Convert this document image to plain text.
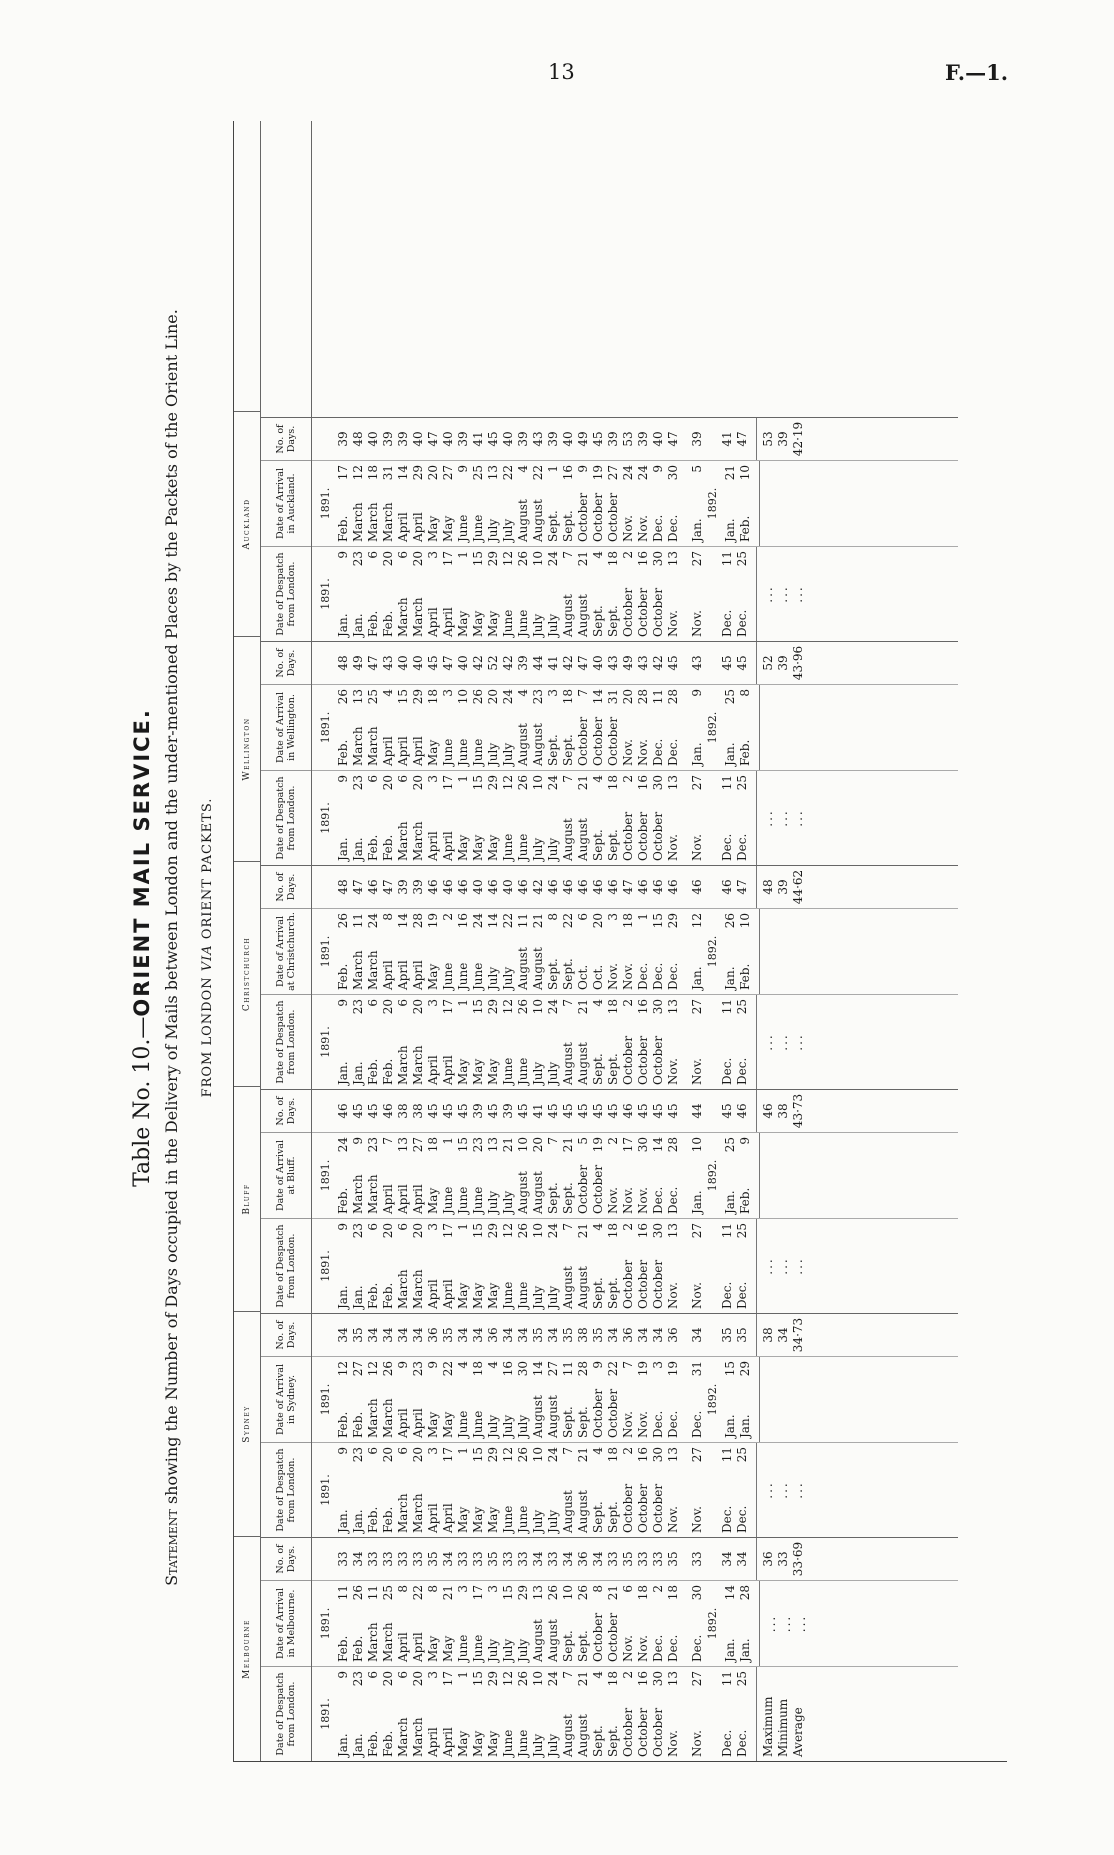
13	F.—1.
Table No. 10.—ORIENT MAIL SERVICE.
Statement showing the Number of Days occupied in the Delivery of Mails between London and the under-mentioned Places by the Packets of the Orient Line.	FROM LONDON VIA ORIENT PACKETS.
Melbourne
Sydney
Bluff
Christchurch
Wellington
Auckland
Date of Despatch from London.
Date of Arrival in Melbourne.
No. of Days.
Date of Despatch from London.
Date of Arrival in Sydney.
No. of Days.
Date of Despatch from London.
Date of Arrival at Bluff.
No. of Days.
Date of Despatch from London.
Date of Arrival at Christchurch.
No. of Days.
Date of Despatch from London.
Date of Arrival in Wellington.
No. of Days.
Date of Despatch from London.
Date of Arrival in Auckland.
No. of Days.
1891.
Jan.
9
Jan.
23
Feb.
6
Feb.
20
March
6
March
20
April
3
April
17
May
1
May
15
May
29
June
12
June
26
July
10
July
24
August
7
August
21
Sept.
4
Sept.
18
October
2
October
16
October
30
Nov.
13
Nov.
27
Dec.
11
Dec.
25
Maximum Minimum Average
1891.
Feb.
11
Feb.
26
March
11
March
25
April
8
April
22
May
8
May
21
June
3
June
17
July
3
July
15
July
29
August
13
August
26
Sept.
10
Sept.
26
October
8
October
21
Nov.
6
Nov.
18
Dec.
2
Dec.
18
Dec.
30
1892.
Jan.
14
Jan.
28
... ... ...
33 34 33 33 33 33 35 34 33 33 35 33 33 34 33 34 36 34 33 35 33 33 35 33 34 34 36 33 33·69
1891.
Jan.
9
Jan.
23
Feb.
6
Feb.
20
March
6
March
20
April
3
April
17
May
1
May
15
May
29
June
12
June
26
July
10
July
24
August
7
August
21
Sept.
4
Sept.
18
October
2
October
16
October
30
Nov.
13
Nov.
27
Dec.
11
Dec.
25
... ... ...
1891.
Feb.
12
Feb.
27
March
12
March
26
April
9
April
23
May
9
May
22
June
4
June
18
July
4
July
16
July
30
August
14
August
27
Sept.
11
Sept.
28
October
9
October
22
Nov.
7
Nov.
19
Dec.
3
Dec.
19
Dec.
31
1892.
Jan.
15
Jan.
29
34 35 34 34 34 34 36 35 34 34 36 34 34 35 34 35 38 35 34 36 34 34 36 34 35 35 38 34 34·73
1891.
Jan.
9
Jan.
23
Feb.
6
Feb.
20
March
6
March
20
April
3
April
17
May
1
May
15
May
29
June
12
June
26
July
10
July
24
August
7
August
21
Sept.
4
Sept.
18
October
2
October
16
October
30
Nov.
13
Nov.
27
Dec.
11
Dec.
25
... ... ...
1891.
Feb.
24
March
9
March
23
April
7
April
13
April
27
May
18
June
1
June
15
June
23
July
13
July
21
August
10
August
20
Sept.
7
Sept.
21
October
5
October
19
Nov.
2
Nov.
17
Nov.
30
Dec.
14
Dec.
28
Jan.
10
1892.
Jan.
25
Feb.
9
46 45 45 46 38 38 45 45 45 39 45 39 45 41 45 45 45 45 45 46 45 45 45 44 45 46 46 38 43·73
1891.
Jan.
9
Jan.
23
Feb.
6
Feb.
20
March
6
March
20
April
3
April
17
May
1
May
15
May
29
June
12
June
26
July
10
July
24
August
7
August
21
Sept.
4
Sept.
18
October
2
October
16
October
30
Nov.
13
Nov.
27
Dec.
11
Dec.
25
... ... ...
1891.
Feb.
26
March
11
March
24
April
8
April
14
April
28
May
19
June
2
June
16
June
24
July
14
July
22
August
11
August
21
Sept.
8
Sept.
22
Oct.
6
Oct.
20
Nov.
3
Nov.
18
Dec.
1
Dec.
15
Dec.
29
Jan.
12
1892.
Jan.
26
Feb.
10
48 47 46 47 39 39 46 46 46 40 46 40 46 42 46 46 46 46 46 47 46 46 46 46 46 47 48 39 44·62
1891.
Jan.
9
Jan.
23
Feb.
6
Feb.
20
March
6
March
20
April
3
April
17
May
1
May
15
May
29
June
12
June
26
July
10
July
24
August
7
August
21
Sept.
4
Sept.
18
October
2
October
16
October
30
Nov.
13
Nov.
27
Dec.
11
Dec.
25
... ... ...
1891.
Feb.
26
March
13
March
25
April
4
April
15
April
29
May
18
June
3
June
10
June
26
July
20
July
24
August
4
August
23
Sept.
3
Sept.
18
October
7
October
14
October
31
Nov.
20
Nov.
28
Dec.
11
Dec.
28
Jan.
9
1892.
Jan.
25
Feb.
8
48 49 47 43 40 40 45 47 40 42 52 42 39 44 41 42 47 40 43 49 43 42 45 43 45 45 52 39 43·96
1891.
Jan.
9
Jan.
23
Feb.
6
Feb.
20
March
6
March
20
April
3
April
17
May
1
May
15
May
29
June
12
June
26
July
10
July
24
August
7
August
21
Sept.
4
Sept.
18
October
2
October
16
October
30
Nov.
13
Nov.
27
Dec.
11
Dec.
25
... ... ...
1891.
Feb.
17
March
12
March
18
March
31
April
14
April
29
May
20
May
27
June
9
June
25
July
13
July
22
August
4
August
22
Sept.
1
Sept.
16
October
9
October
19
October
27
Nov.
24
Nov.
24
Dec.
9
Dec.
30
Jan.
5
1892.
Jan.
21
Feb.
10
39 48 40 39 39 40 47 40 39 41 45 40 39 43 39 40 49 45 39 53 39 40 47 39 41 47 53 39 42·19
